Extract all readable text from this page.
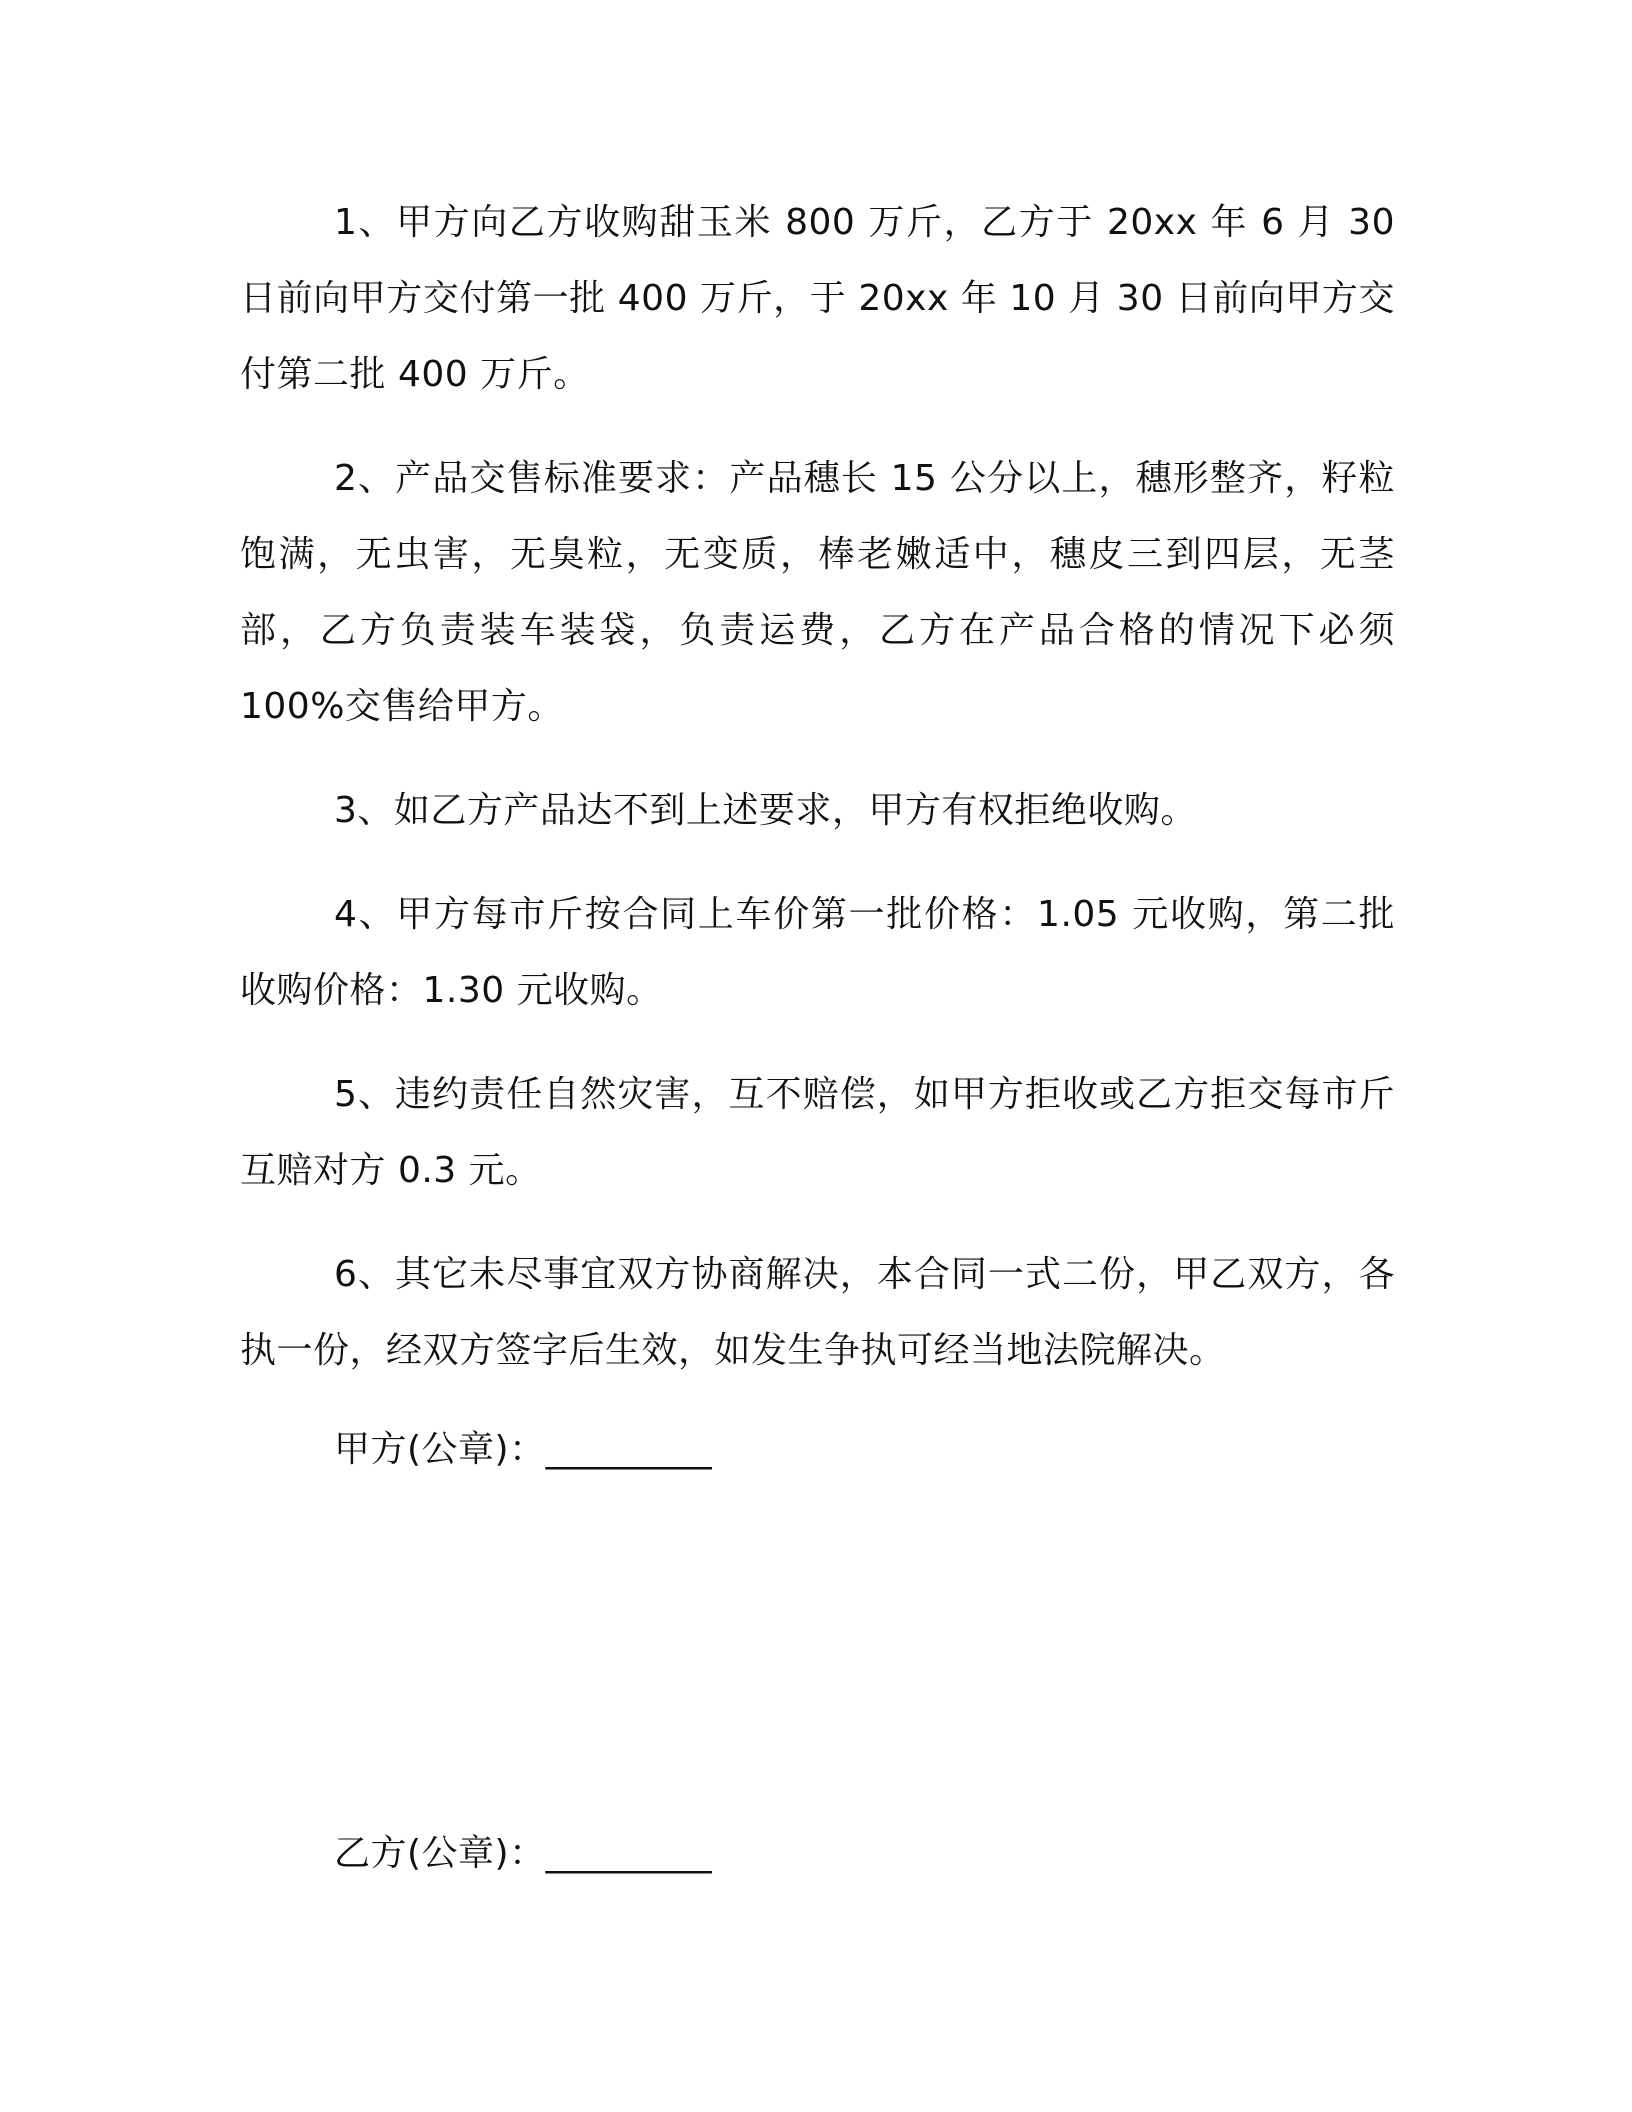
1、甲方向乙方收购甜玉米 800 万斤，乙方于 20xx 年 6 月 30 日前向甲方交付第一批 400 万斤，于 20xx 年 10 月 30 日前向甲方交付第二批 400 万斤。

2、产品交售标准要求：产品穗长 15 公分以上，穗形整齐，籽粒饱满，无虫害，无臭粒，无变质，棒老嫩适中，穗皮三到四层，无茎部，乙方负责装车装袋，负责运费，乙方在产品合格的情况下必须100%交售给甲方。

3、如乙方产品达不到上述要求，甲方有权拒绝收购。

4、甲方每市斤按合同上车价第一批价格：1.05 元收购，第二批收购价格：1.30 元收购。

5、违约责任自然灾害，互不赔偿，如甲方拒收或乙方拒交每市斤互赔对方 0.3 元。

6、其它未尽事宜双方协商解决，本合同一式二份，甲乙双方，各执一份，经双方签字后生效，如发生争执可经当地法院解决。

甲方(公章)：_________
乙方(公章)：_________
